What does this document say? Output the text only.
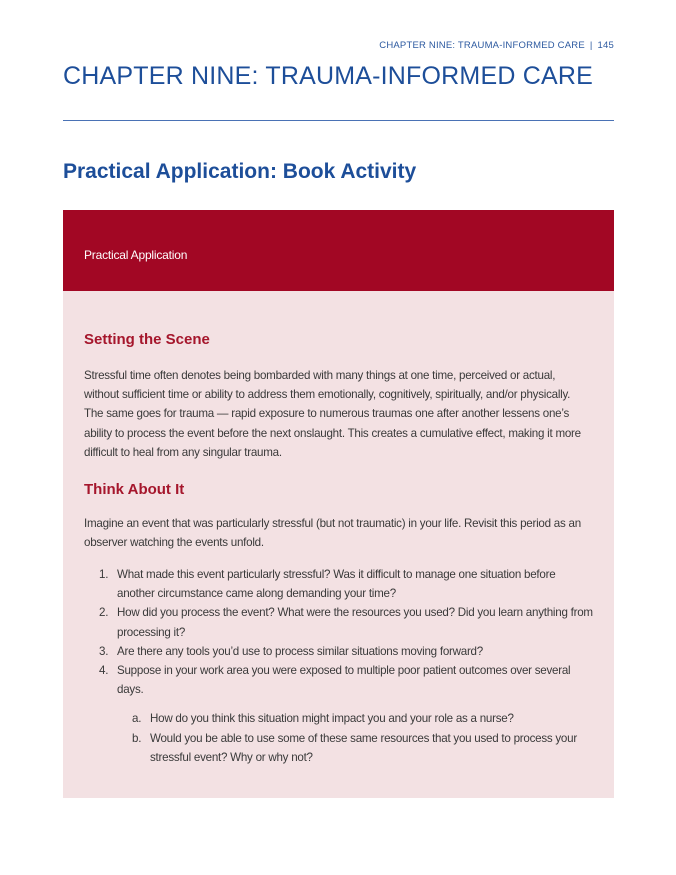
CHAPTER NINE: TRAUMA-INFORMED CARE | 145
CHAPTER NINE: TRAUMA-INFORMED CARE
Practical Application: Book Activity
Practical Application
Setting the Scene

Stressful time often denotes being bombarded with many things at one time, perceived or actual, without sufficient time or ability to address them emotionally, cognitively, spiritually, and/or physically. The same goes for trauma — rapid exposure to numerous traumas one after another lessens one’s ability to process the event before the next onslaught. This creates a cumulative effect, making it more difficult to heal from any singular trauma.

Think About It

Imagine an event that was particularly stressful (but not traumatic) in your life. Revisit this period as an observer watching the events unfold.

1. What made this event particularly stressful? Was it difficult to manage one situation before another circumstance came along demanding your time?
2. How did you process the event? What were the resources you used? Did you learn anything from processing it?
3. Are there any tools you’d use to process similar situations moving forward?
4. Suppose in your work area you were exposed to multiple poor patient outcomes over several days.
a. How do you think this situation might impact you and your role as a nurse?
b. Would you be able to use some of these same resources that you used to process your stressful event? Why or why not?
